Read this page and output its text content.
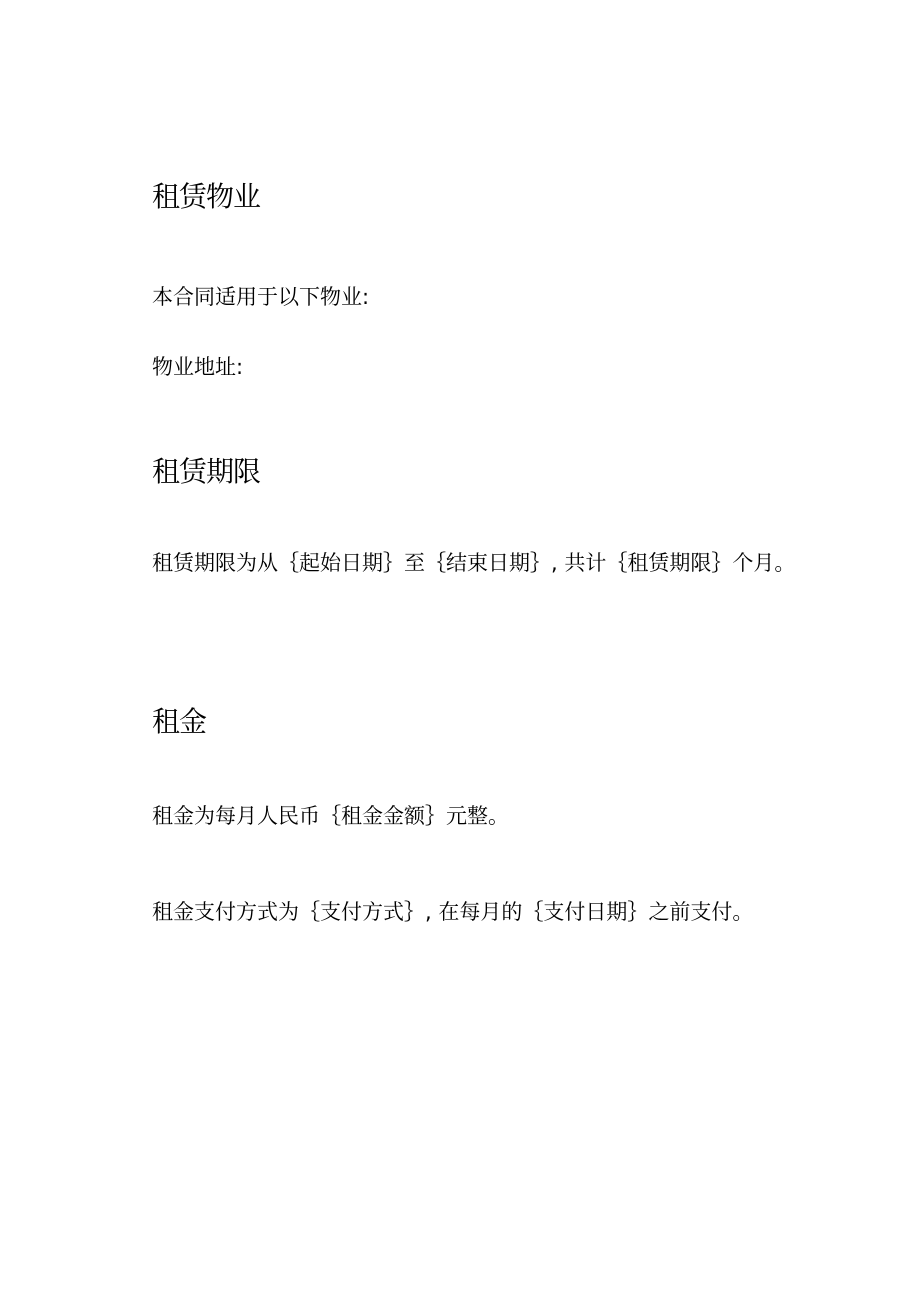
租赁物业

本合同适用于以下物业:

物业地址:

租赁期限

租赁期限为从｛起始日期｝至｛结束日期｝, 共计｛租赁期限｝个月。

租金

租金为每月人民币｛租金金额｝元整。

租金支付方式为｛支付方式｝, 在每月的｛支付日期｝之前支付。
